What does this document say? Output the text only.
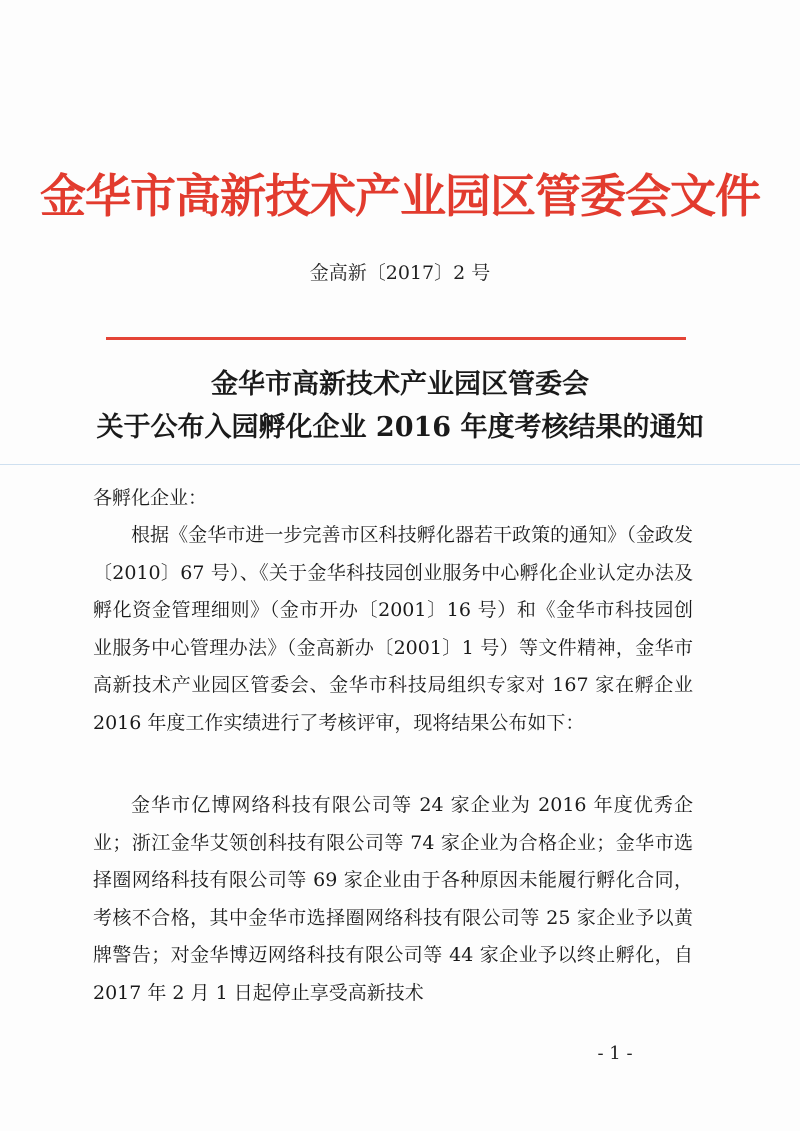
金华市高新技术产业园区管委会文件
金高新〔2017〕2 号
金华市高新技术产业园区管委会
关于公布入园孵化企业 2016 年度考核结果的通知
各孵化企业：
根据《金华市进一步完善市区科技孵化器若干政策的通知》（金政发〔2010〕67 号）、《关于金华科技园创业服务中心孵化企业认定办法及孵化资金管理细则》（金市开办〔2001〕16 号）和《金华市科技园创业服务中心管理办法》（金高新办〔2001〕1 号）等文件精神，金华市高新技术产业园区管委会、金华市科技局组织专家对 167 家在孵企业 2016 年度工作实绩进行了考核评审，现将结果公布如下：
金华市亿博网络科技有限公司等 24 家企业为 2016 年度优秀企业；浙江金华艾领创科技有限公司等 74 家企业为合格企业；金华市选择圈网络科技有限公司等 69 家企业由于各种原因未能履行孵化合同，考核不合格，其中金华市选择圈网络科技有限公司等 25 家企业予以黄牌警告；对金华博迈网络科技有限公司等 44 家企业予以终止孵化，自 2017 年 2 月 1 日起停止享受高新技术
- 1 -
